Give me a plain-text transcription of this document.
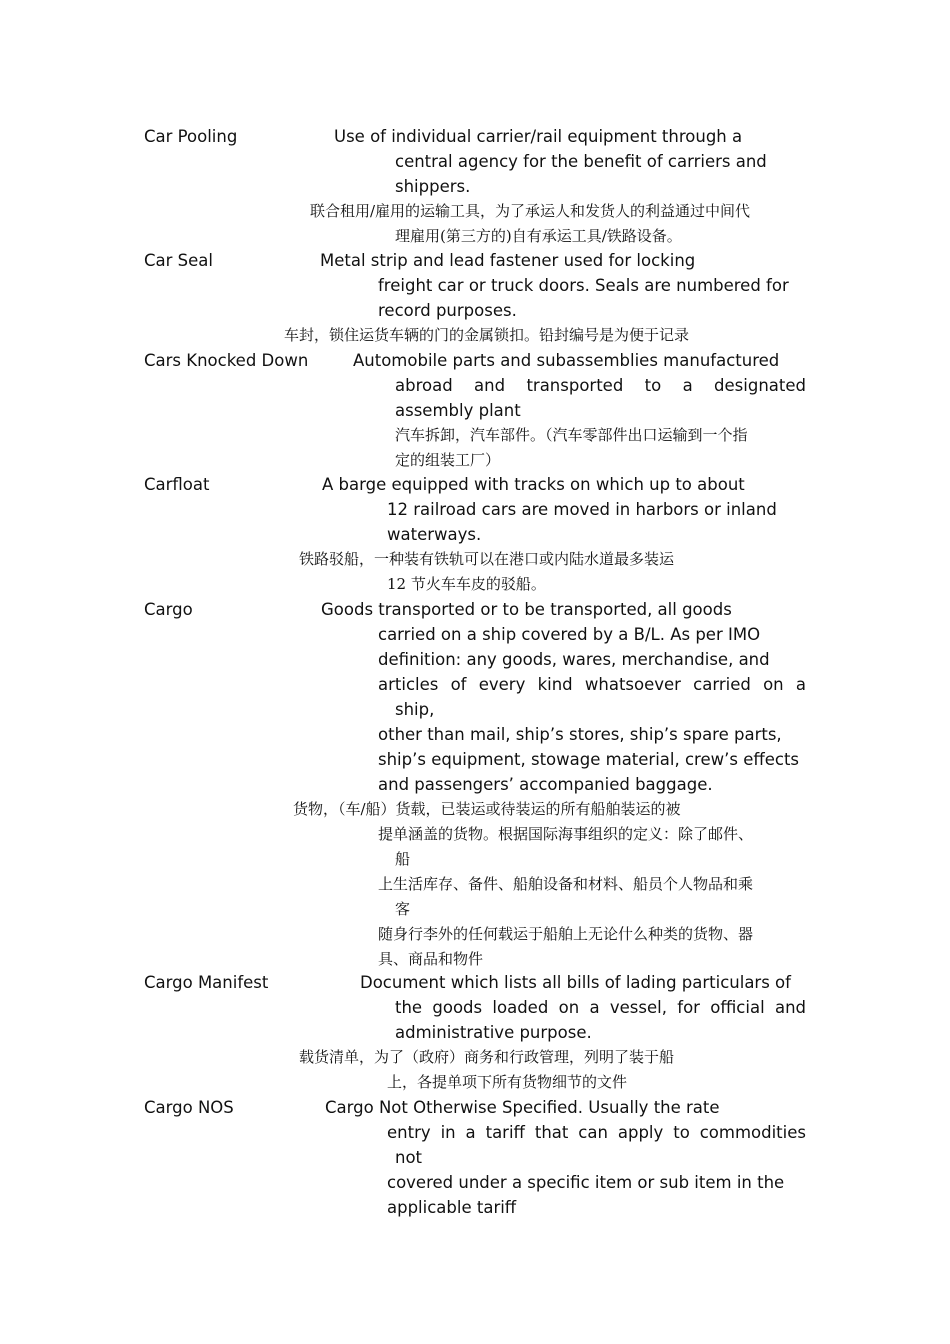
Car Pooling	Use of individual carrier/rail equipment through a
central agency for the benefit of carriers and
shippers.
联合租用/雇用的运输工具，为了承运人和发货人的利益通过中间代
理雇用(第三方的)自有承运工具/铁路设备。
Car Seal	Metal strip and lead fastener used for locking
freight car or truck doors. Seals are numbered for
record purposes.
车封，锁住运货车辆的门的金属锁扣。铅封编号是为便于记录
Cars Knocked Down	Automobile parts and subassemblies manufactured
abroad and transported to a designated
assembly plant
汽车拆卸，汽车部件。（汽车零部件出口运输到一个指
定的组装工厂）
Carfloat	A barge equipped with tracks on which up to about
12 railroad cars are moved in harbors or inland
waterways.
铁路驳船，一种装有铁轨可以在港口或内陆水道最多装运
12 节火车车皮的驳船。
Cargo	Goods transported or to be transported, all goods
carried on a ship covered by a B/L. As per IMO
definition: any goods, wares, merchandise, and
articles of every kind whatsoever carried on a
ship,
other than mail, ship’s stores, ship’s spare parts,
ship’s equipment, stowage material, crew’s effects
and passengers’ accompanied baggage.
货物，（车/船）货载，已装运或待装运的所有船舶装运的被
提单涵盖的货物。根据国际海事组织的定义：除了邮件、
船
上生活库存、备件、船舶设备和材料、船员个人物品和乘
客
随身行李外的任何载运于船舶上无论什么种类的货物、器
具、商品和物件
Cargo Manifest	Document which lists all bills of lading particulars of
the goods loaded on a vessel, for official and
administrative purpose.
载货清单，为了（政府）商务和行政管理，列明了装于船
上，各提单项下所有货物细节的文件
Cargo NOS	Cargo Not Otherwise Specified. Usually the rate
entry in a tariff that can apply to commodities
not
covered under a specific item or sub item in the
applicable tariff
